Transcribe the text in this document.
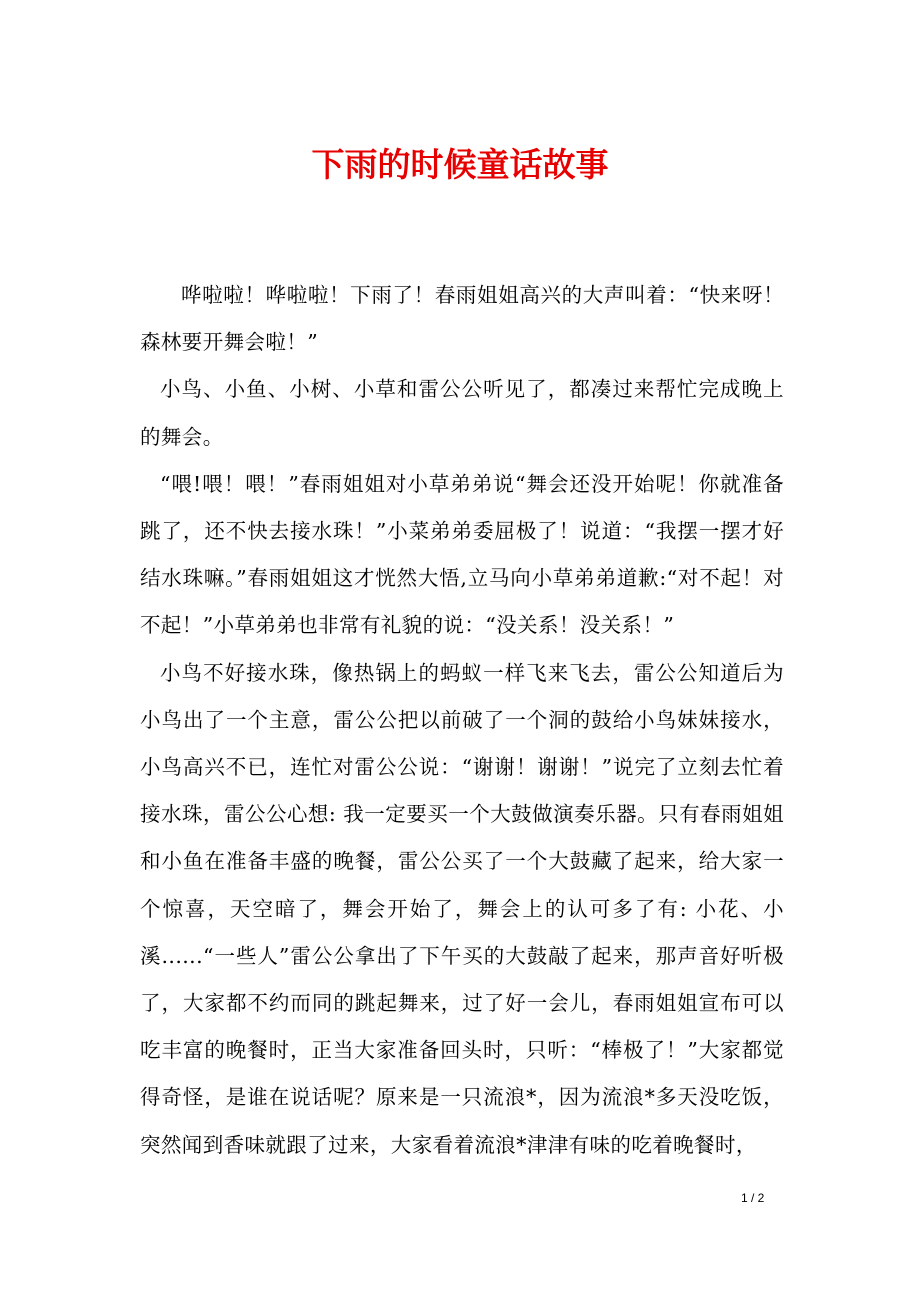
下雨的时候童话故事

哗啦啦！哗啦啦！下雨了！春雨姐姐高兴的大声叫着：“快来呀！森林要开舞会啦！”

小鸟、小鱼、小树、小草和雷公公听见了，都凑过来帮忙完成晚上的舞会。

“喂!喂！喂！”春雨姐姐对小草弟弟说“舞会还没开始呢！你就准备跳了，还不快去接水珠！”小菜弟弟委屈极了！说道：“我摆一摆才好结水珠嘛。”春雨姐姐这才恍然大悟,立马向小草弟弟道歉:“对不起！对不起！”小草弟弟也非常有礼貌的说：“没关系！没关系！”

小鸟不好接水珠，像热锅上的蚂蚁一样飞来飞去，雷公公知道后为小鸟出了一个主意，雷公公把以前破了一个洞的鼓给小鸟妹妹接水，小鸟高兴不已，连忙对雷公公说：“谢谢！谢谢！”说完了立刻去忙着接水珠，雷公公心想: 我一定要买一个大鼓做演奏乐器。只有春雨姐姐和小鱼在准备丰盛的晚餐，雷公公买了一个大鼓藏了起来，给大家一个惊喜，天空暗了，舞会开始了，舞会上的认可多了有: 小花、小溪......“一些人”雷公公拿出了下午买的大鼓敲了起来，那声音好听极了，大家都不约而同的跳起舞来，过了好一会儿，春雨姐姐宣布可以吃丰富的晚餐时，正当大家准备回头时，只听：“棒极了！”大家都觉得奇怪，是谁在说话呢？原来是一只流浪*，因为流浪*多天没吃饭，突然闻到香味就跟了过来，大家看着流浪*津津有味的吃着晚餐时，

1 / 2
